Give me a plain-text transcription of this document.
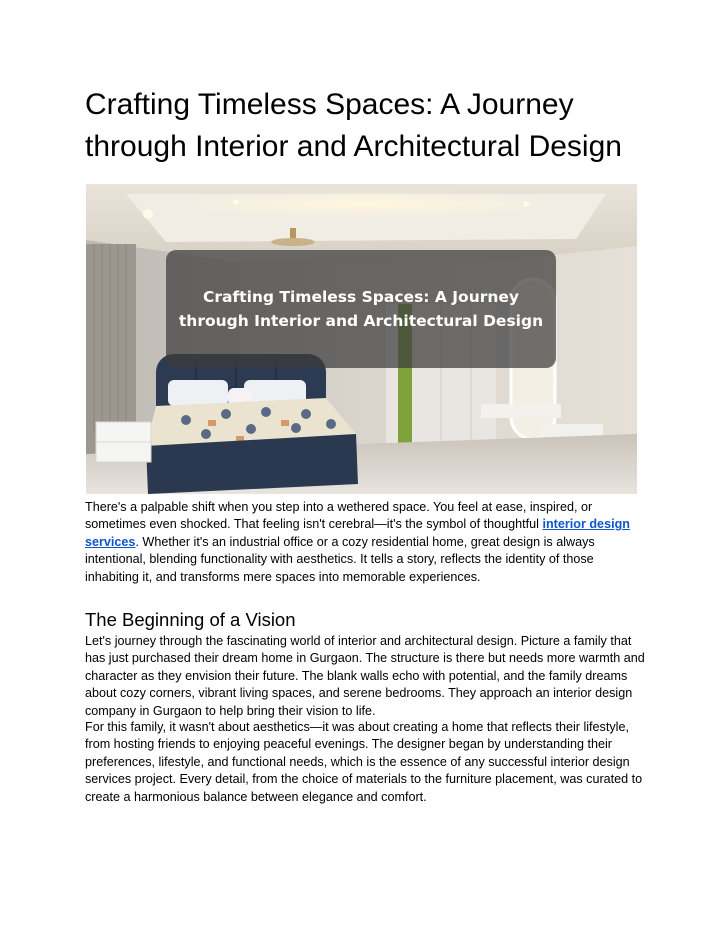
Crafting Timeless Spaces: A Journey through Interior and Architectural Design
Crafting Timeless Spaces: A Journey through Interior and Architectural Design

There's a palpable shift when you step into a wethered space. You feel at ease, inspired, or sometimes even shocked. That feeling isn't cerebral—it's the symbol of thoughtful interior design services. Whether it's an industrial office or a cozy residential home, great design is always intentional, blending functionality with aesthetics. It tells a story, reflects the identity of those inhabiting it, and transforms mere spaces into memorable experiences.

The Beginning of a Vision

Let's journey through the fascinating world of interior and architectural design. Picture a family that has just purchased their dream home in Gurgaon. The structure is there but needs more warmth and character as they envision their future. The blank walls echo with potential, and the family dreams about cozy corners, vibrant living spaces, and serene bedrooms. They approach an interior design company in Gurgaon to help bring their vision to life.

For this family, it wasn't about aesthetics—it was about creating a home that reflects their lifestyle, from hosting friends to enjoying peaceful evenings. The designer began by understanding their preferences, lifestyle, and functional needs, which is the essence of any successful interior design services project. Every detail, from the choice of materials to the furniture placement, was curated to create a harmonious balance between elegance and comfort.
